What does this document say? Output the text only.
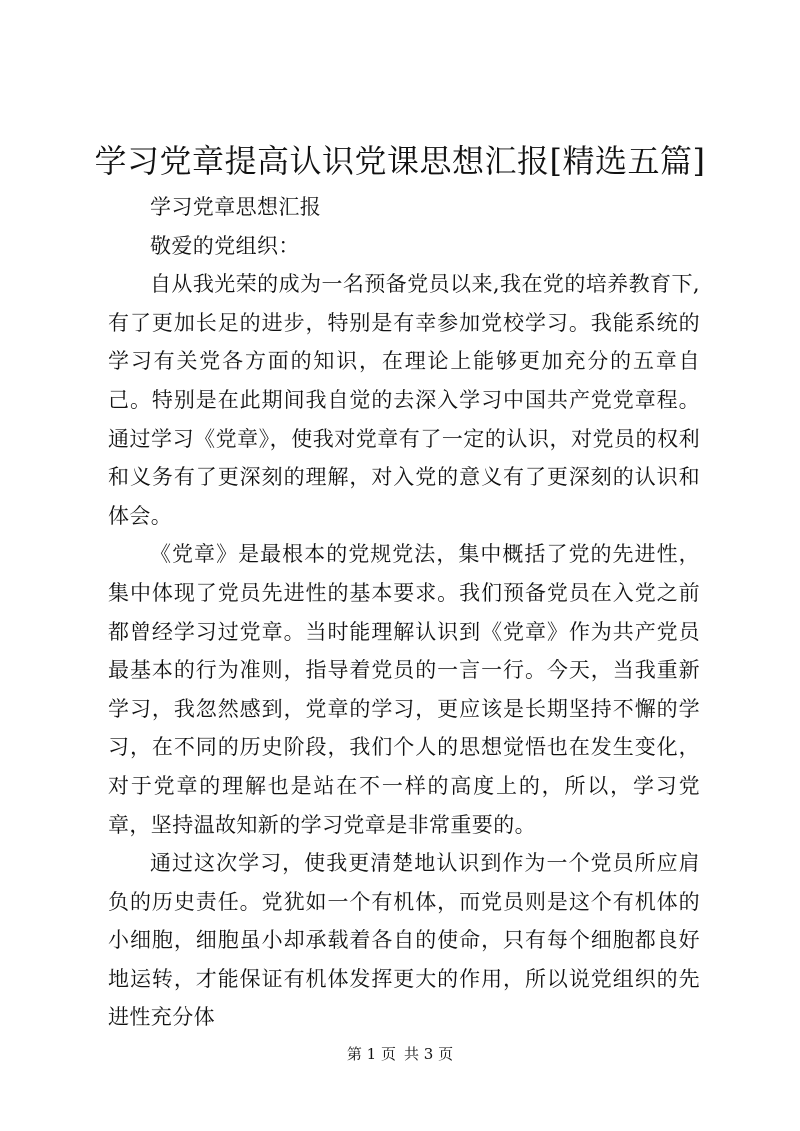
学习党章提高认识党课思想汇报[精选五篇]

学习党章思想汇报

敬爱的党组织：

自从我光荣的成为一名预备党员以来,我在党的培养教育下,有了更加长足的进步，特别是有幸参加党校学习。我能系统的学习有关党各方面的知识，在理论上能够更加充分的五章自己。特别是在此期间我自觉的去深入学习中国共产党党章程。通过学习《党章》，使我对党章有了一定的认识，对党员的权利和义务有了更深刻的理解，对入党的意义有了更深刻的认识和体会。

《党章》是最根本的党规党法，集中概括了党的先进性，集中体现了党员先进性的基本要求。我们预备党员在入党之前都曾经学习过党章。当时能理解认识到《党章》作为共产党员最基本的行为准则，指导着党员的一言一行。今天，当我重新学习，我忽然感到，党章的学习，更应该是长期坚持不懈的学习，在不同的历史阶段，我们个人的思想觉悟也在发生变化，对于党章的理解也是站在不一样的高度上的，所以，学习党章，坚持温故知新的学习党章是非常重要的。

通过这次学习，使我更清楚地认识到作为一个党员所应肩负的历史责任。党犹如一个有机体，而党员则是这个有机体的小细胞，细胞虽小却承载着各自的使命，只有每个细胞都良好地运转，才能保证有机体发挥更大的作用，所以说党组织的先进性充分体

第 1 页 共 3 页
